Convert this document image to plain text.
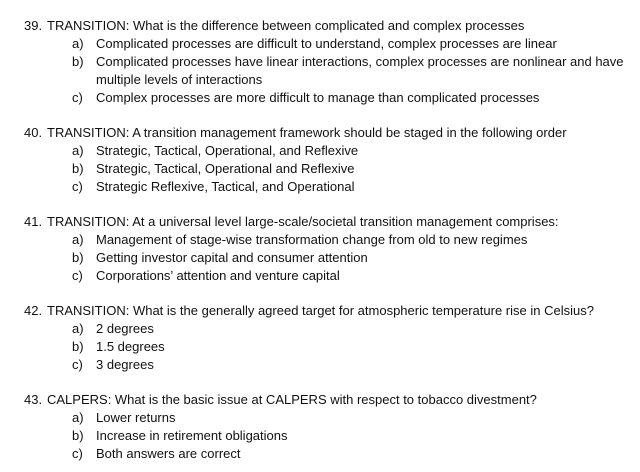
39. TRANSITION: What is the difference between complicated and complex processes
a) Complicated processes are difficult to understand, complex processes are linear
b) Complicated processes have linear interactions, complex processes are nonlinear and have multiple levels of interactions
c) Complex processes are more difficult to manage than complicated processes
40. TRANSITION: A transition management framework should be staged in the following order
a) Strategic, Tactical, Operational, and Reflexive
b) Strategic, Tactical, Operational and Reflexive
c) Strategic Reflexive, Tactical, and Operational
41. TRANSITION: At a universal level large-scale/societal transition management comprises:
a) Management of stage-wise transformation change from old to new regimes
b) Getting investor capital and consumer attention
c) Corporations’ attention and venture capital
42. TRANSITION: What is the generally agreed target for atmospheric temperature rise in Celsius?
a) 2 degrees
b) 1.5 degrees
c) 3 degrees
43. CALPERS: What is the basic issue at CALPERS with respect to tobacco divestment?
a) Lower returns
b) Increase in retirement obligations
c) Both answers are correct
